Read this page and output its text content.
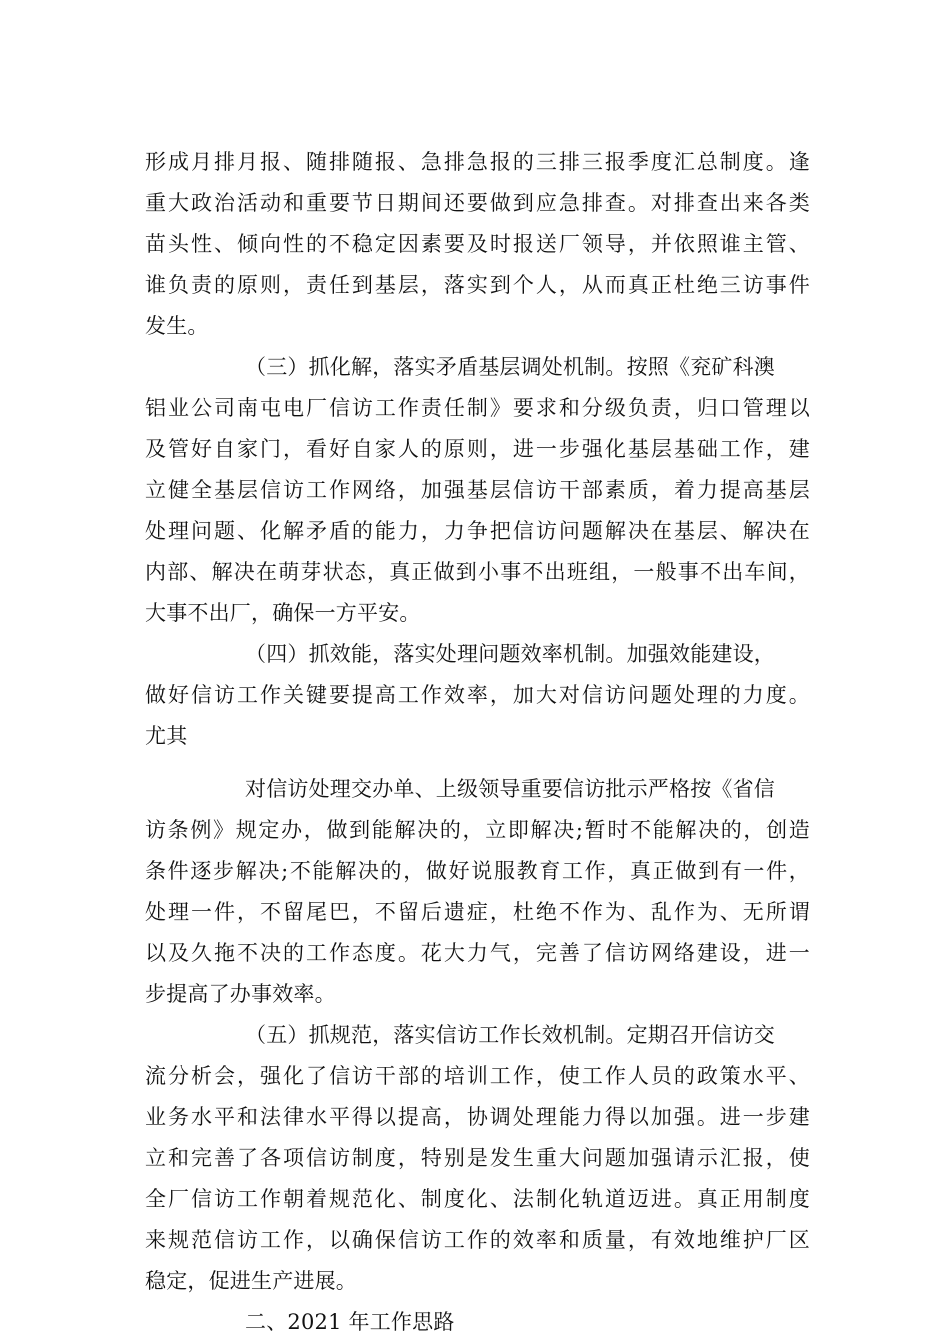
形成月排月报、随排随报、急排急报的三排三报季度汇总制度。逢
重大政治活动和重要节日期间还要做到应急排查。对排查出来各类
苗头性、倾向性的不稳定因素要及时报送厂领导，并依照谁主管、
谁负责的原则，责任到基层，落实到个人，从而真正杜绝三访事件
发生。
（三）抓化解，落实矛盾基层调处机制。按照《兖矿科澳
铝业公司南屯电厂信访工作责任制》要求和分级负责，归口管理以
及管好自家门，看好自家人的原则，进一步强化基层基础工作，建
立健全基层信访工作网络，加强基层信访干部素质，着力提高基层
处理问题、化解矛盾的能力，力争把信访问题解决在基层、解决在
内部、解决在萌芽状态，真正做到小事不出班组，一般事不出车间，
大事不出厂，确保一方平安。
（四）抓效能，落实处理问题效率机制。加强效能建设，
做好信访工作关键要提高工作效率，加大对信访问题处理的力度。
尤其
对信访处理交办单、上级领导重要信访批示严格按《省信
访条例》规定办，做到能解决的，立即解决;暂时不能解决的，创造
条件逐步解决;不能解决的，做好说服教育工作，真正做到有一件，
处理一件，不留尾巴，不留后遗症，杜绝不作为、乱作为、无所谓
以及久拖不决的工作态度。花大力气，完善了信访网络建设，进一
步提高了办事效率。
（五）抓规范，落实信访工作长效机制。定期召开信访交
流分析会，强化了信访干部的培训工作，使工作人员的政策水平、
业务水平和法律水平得以提高，协调处理能力得以加强。进一步建
立和完善了各项信访制度，特别是发生重大问题加强请示汇报，使
全厂信访工作朝着规范化、制度化、法制化轨道迈进。真正用制度
来规范信访工作，以确保信访工作的效率和质量，有效地维护厂区
稳定，促进生产进展。
二、2021 年工作思路
